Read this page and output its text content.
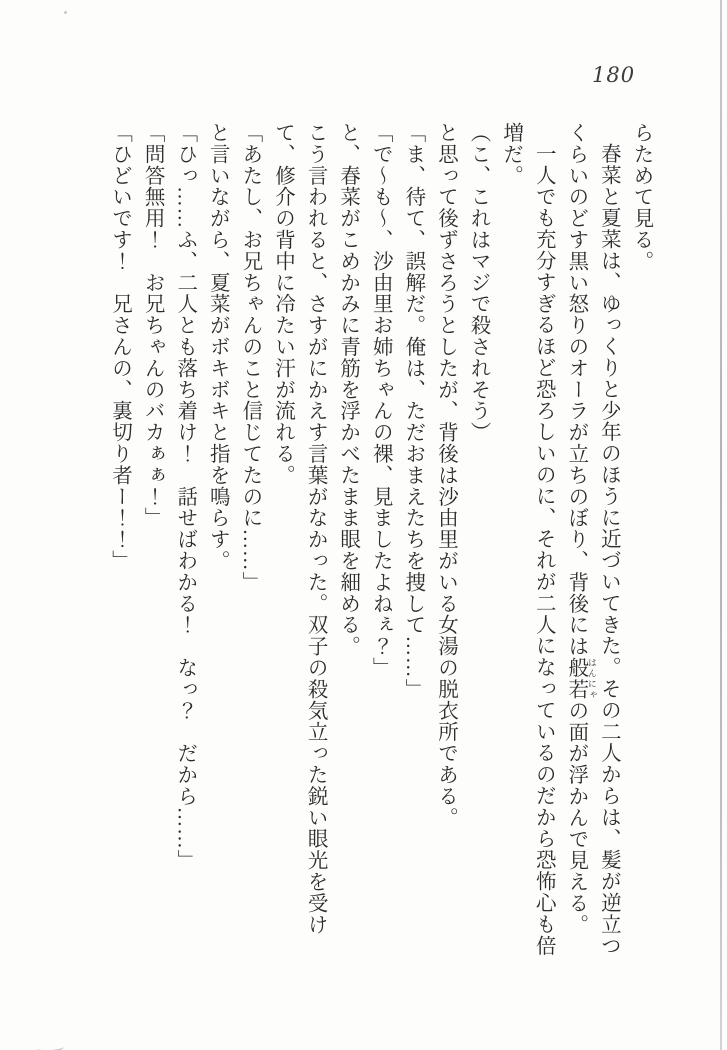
180

らためて見る。

春菜と夏菜は、ゆっくりと少年のほうに近づいてきた。その二人からは、髪が逆立つくらいのどす黒い怒りのオーラが立ちのぼり、背後には般若 はんにゃの面が浮かんで見える。

一人でも充分すぎるほど恐ろしいのに、それが二人になっているのだから恐怖心も倍増だ。

（こ、これはマジで殺されそう）

と思って後ずさろうとしたが、背後は沙由里がいる女湯の脱衣所である。

「ま、待て、誤解だ。俺は、ただおまえたちを捜して……」

「で～も～、沙由里お姉ちゃんの裸、見ましたよねぇ？」

と、春菜がこめかみに青筋を浮かべたまま眼を細める。

こう言われると、さすがにかえす言葉がなかった。双子の殺気立った鋭い眼光を受けて、修介の背中に冷たい汗が流れる。

「あたし、お兄ちゃんのこと信じてたのに……」

と言いながら、夏菜がボキボキと指を鳴らす。

「ひっ……ふ、二人とも落ち着け！　話せばわかる！　なっ？　だから……」

「問答無用！　お兄ちゃんのバカぁぁ！」

「ひどいです！　兄さんの、裏切り者ー！！」
